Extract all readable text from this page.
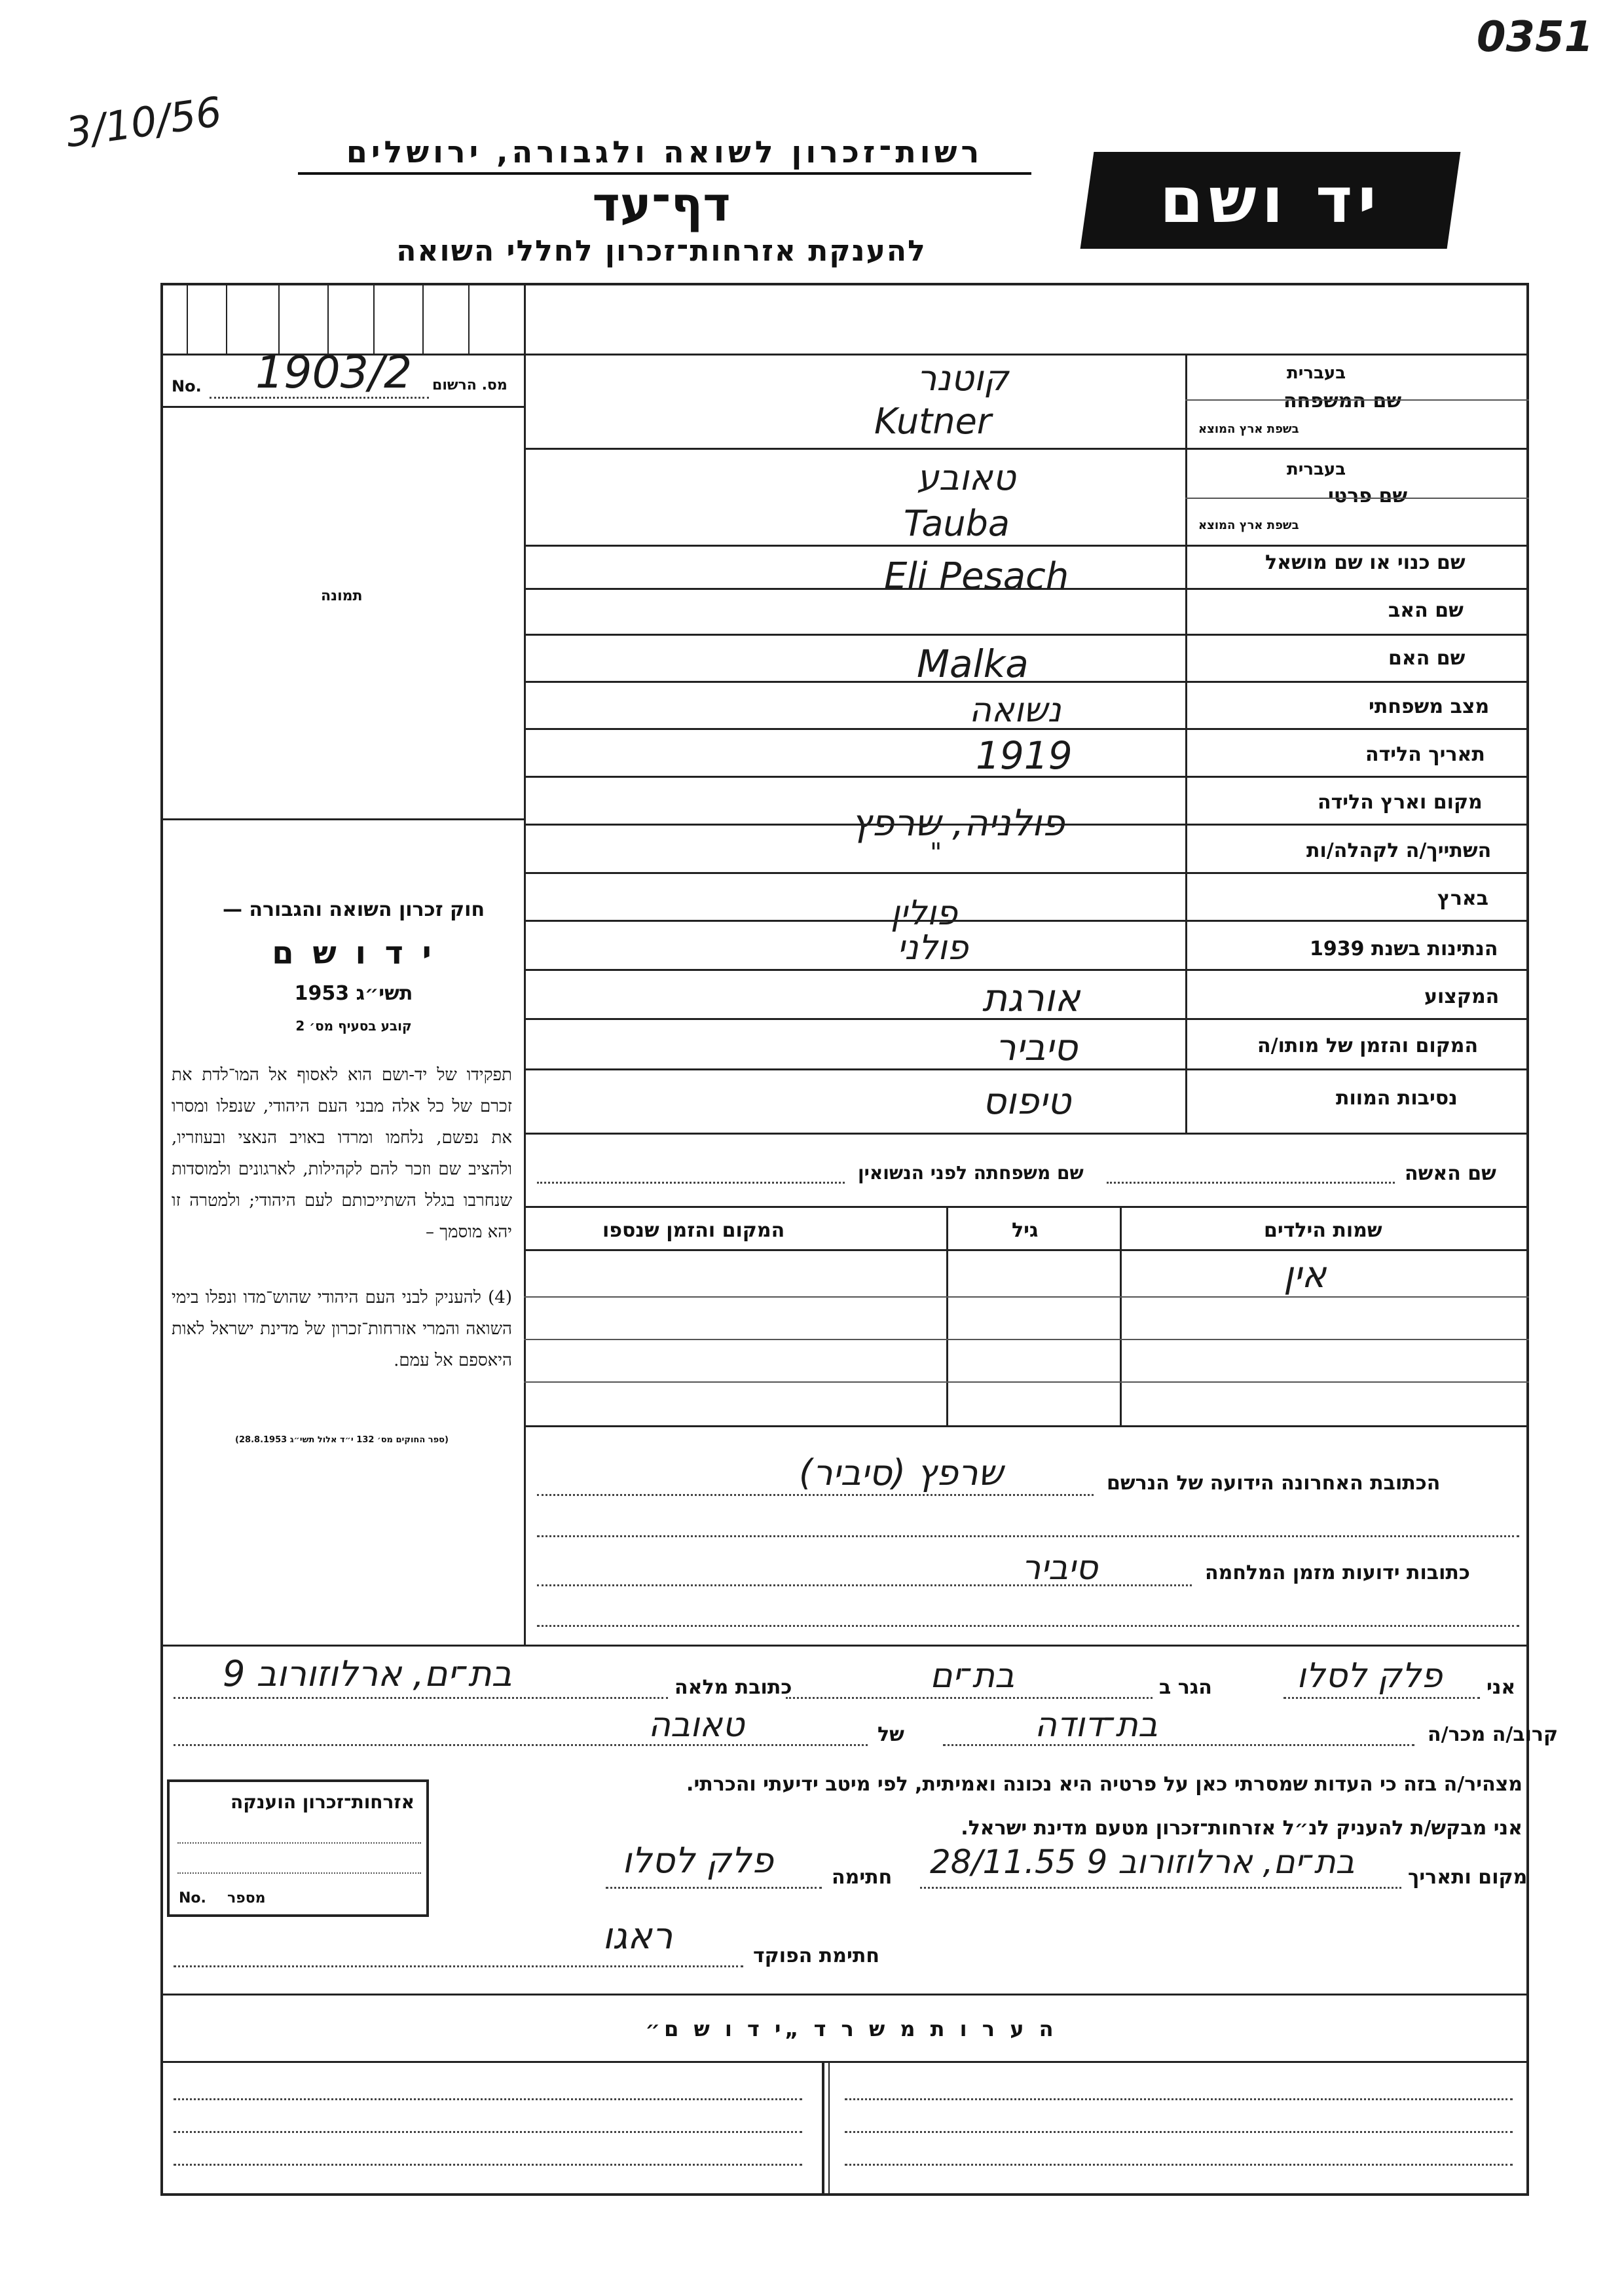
0351
3/10/56	רשות־זכרון לשואה ולגבורה, ירושלים
דף־עד
להענקת אזרחות־זכרון לחללי השואה
יד ושם
מס. הרשום
No. 1903/2
תמונה
חוק זכרון השואה והגבורה —
י ד ו ש ם
תשי״ג 1953
קובע בסעיף מס׳ 2
תפקידו של יד-ושם הוא לאסוף אל המו־לדת את זכרם של כל אלה מבני העם היהודי, שנפלו ומסרו את נפשם, נלחמו ומרדו באויב הנאצי ובעוזריו, ולהציב שם וזכר להם לקהילות, לארגונים ולמוסדות שנחרבו בגלל השתייכותם לעם היהודי; ולמטרה זו יהא מוסמך –
(4) להעניק לבני העם היהודי שהוש־מדו ונפלו בימי השואה והמרי אזרחות־זכרון של מדינת ישראל לאות היאספם אל עמם.
(ספר החוקים מס׳ 132 י״ד אלול תשי״ג 28.8.1953)
שם המשפחה
בעברית
בשפת ארץ המוצא
קוטנר
Kutner
שם פרטי
בעברית
בשפת ארץ המוצא
טאובע
Tauba
שם כנוי או שם מושאל
שם האב
Eli Pesach
שם האם
Malka
מצב משפחתי
נשואה
תאריך הלידה
1919
מקום וארץ הלידה
פולניה, שרפץ
השתייך/ה לקהלה/ות
"
בארץ
פולין
הנתינות בשנת 1939
פולני
המקצוע
אורגת
המקום והזמן של מותו/ה
סיביר
נסיבות המוות
טיפוס
שם האשה
שם משפחתה לפני הנשואין
שמות הילדים
גיל
המקום והזמן שנספו
אין
הכתובת האחרונה הידועה של הנרשם
(סיביר) שרפץ
כתובות ידועות מזמן המלחמה
סיביר
אני
פלק לסלו
הגר ב
בת־ים
כתובת מלאה
בת־ים, ארלוזורוב 9
קרוב/ה מכר/ה
בת־דודה
של
טאובה
מצהיר/ה בזה כי העדות שמסרתי כאן על פרטיה היא נכונה ואמיתית, לפי מיטב ידיעתי והכרתי.
אני מבקש/ת להעניק לנ״ל אזרחות־זכרון מטעם מדינת ישראל.
מקום ותאריך
בת־ים, ארלוזורוב 9 28/11.55
חתימה
פלק לסלו
חתימת הפוקד
ראגו
אזרחות־זכרון הוענקה
No. מספר
ה ע ר ו ת מ ש ר ד „י ד ו ש ם״
